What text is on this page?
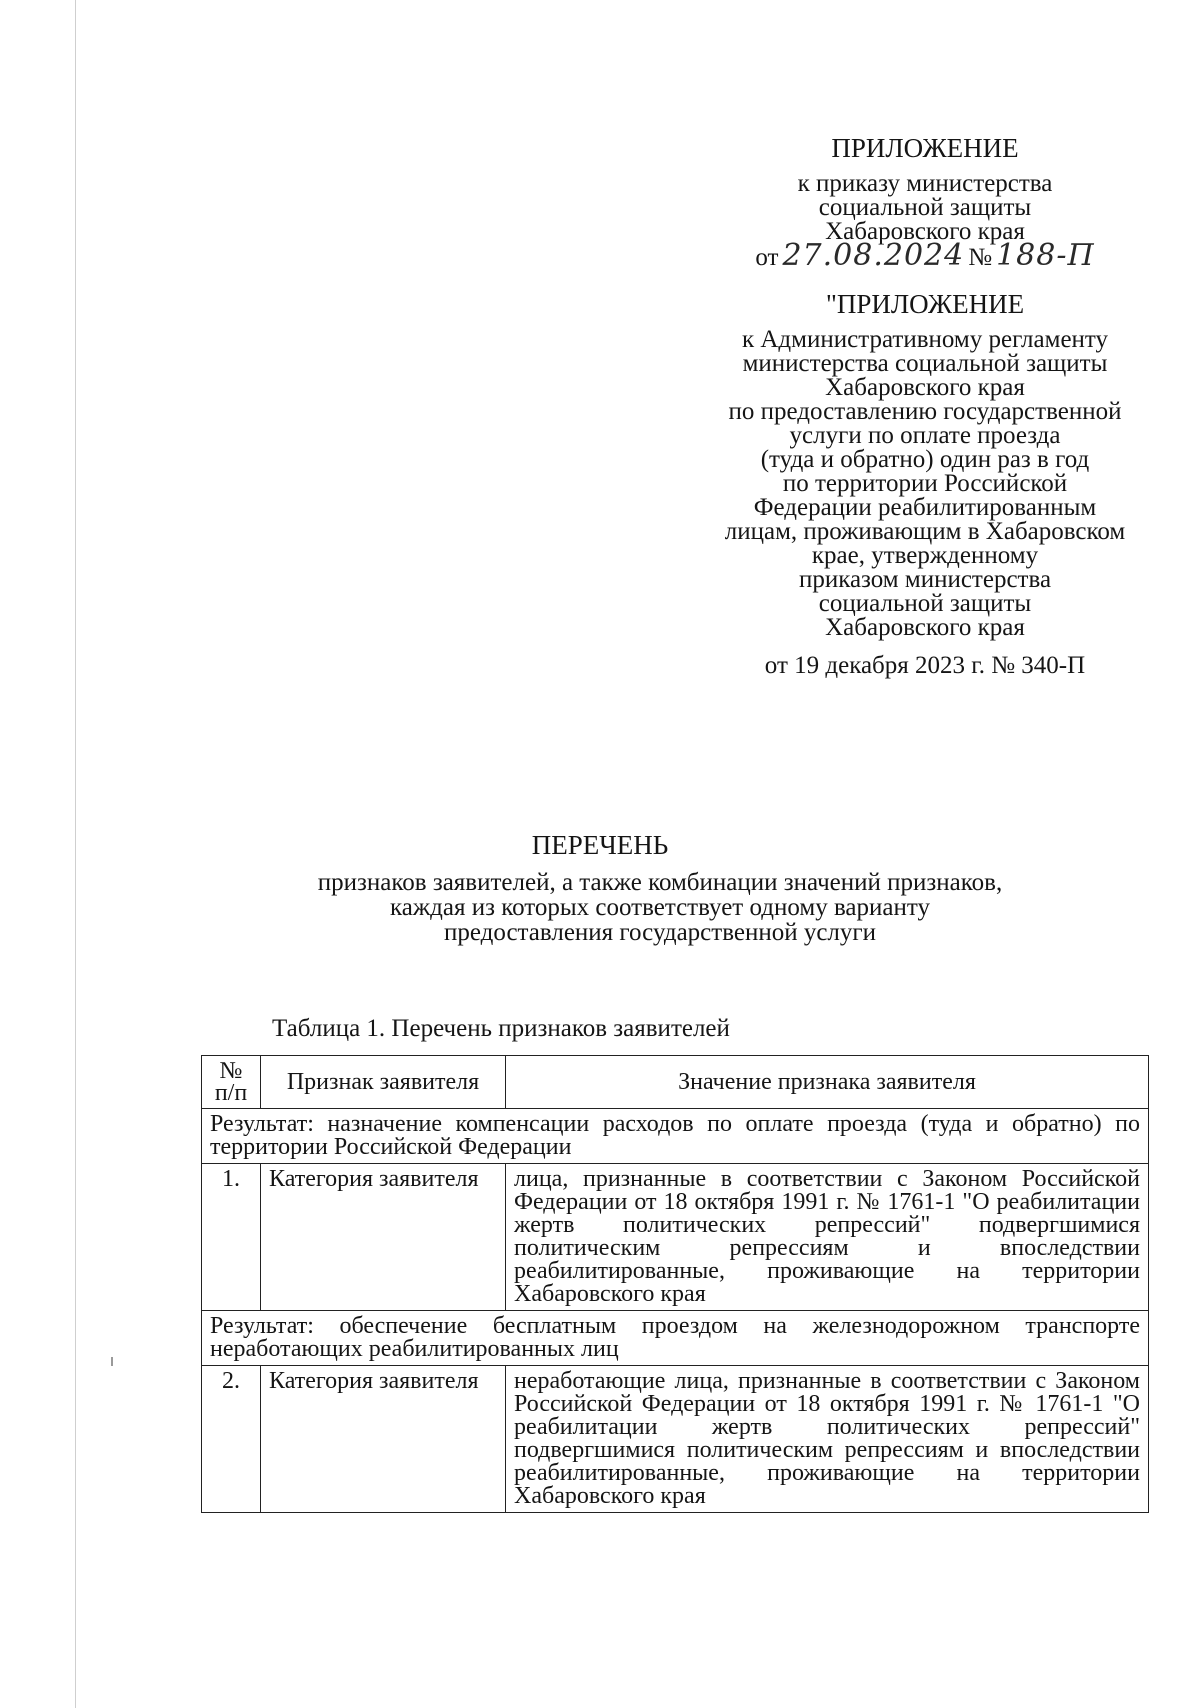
ПРИЛОЖЕНИЕ
к приказу министерства
социальной защиты
Хабаровского края
от 27.08.2024 № 188-П
"ПРИЛОЖЕНИЕ
к Административному регламенту
министерства социальной защиты
Хабаровского края
по предоставлению государственной
услуги по оплате проезда
(туда и обратно) один раз в год
по территории Российской
Федерации реабилитированным
лицам, проживающим в Хабаровском
крае, утвержденному
приказом министерства
социальной защиты
Хабаровского края
от 19 декабря 2023 г. № 340-П
ПЕРЕЧЕНЬ
признаков заявителей, а также комбинации значений признаков,
каждая из которых соответствует одному варианту
предоставления государственной услуги
Таблица 1. Перечень признаков заявителей
№ п/п	Признак заявителя	Значение признака заявителя
Результат: назначение компенсации расходов по оплате проезда (туда и обратно) по территории Российской Федерации		
1.	Категория заявителя	лица, признанные в соответствии с Законом Российской Федерации от 18 октября 1991 г. № 1761-1 "О реабилитации жертв политических репрессий" подвергшимися политическим репрессиям и впоследствии реабилитированные, проживающие на территории Хабаровского края
Результат: обеспечение бесплатным проездом на железнодорожном транспорте неработающих реабилитированных лиц		
2.	Категория заявителя	неработающие лица, признанные в соответствии с Законом Российской Федерации от 18 октября 1991 г. № 1761-1 "О реабилитации жертв политических репрессий" подвергшимися политическим репрессиям и впоследствии реабилитированные, проживающие на территории Хабаровского края
